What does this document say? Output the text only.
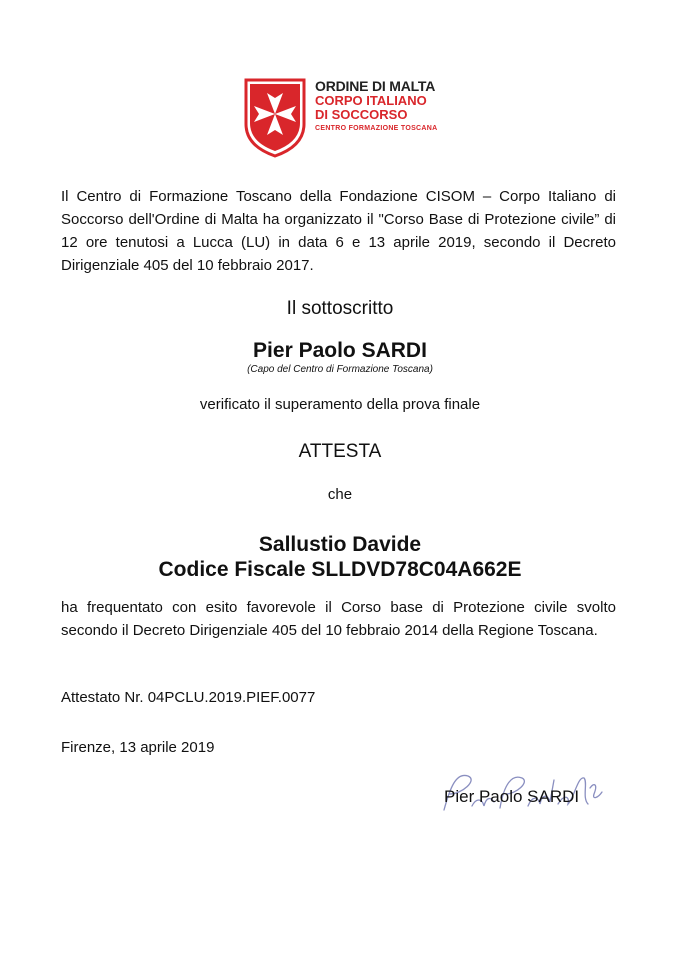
ORDINE DI MALTA
CORPO ITALIANO DI SOCCORSO
CENTRO FORMAZIONE TOSCANA
Il Centro di Formazione Toscano della Fondazione CISOM – Corpo Italiano di Soccorso dell'Ordine di Malta ha organizzato il "Corso Base di Protezione civile” di 12 ore tenutosi a Lucca (LU) in data 6 e 13 aprile 2019, secondo il Decreto Dirigenziale 405 del 10 febbraio 2017.
Il sottoscritto
Pier Paolo SARDI
(Capo del Centro di Formazione Toscana)
verificato il superamento della prova finale
ATTESTA
che
Sallustio Davide
Codice Fiscale SLLDVD78C04A662E
ha frequentato con esito favorevole il Corso base di Protezione civile svolto secondo il Decreto Dirigenziale 405 del 10 febbraio 2014 della Regione Toscana.
Attestato Nr. 04PCLU.2019.PIEF.0077
Firenze, 13 aprile 2019
Pier Paolo SARDI
